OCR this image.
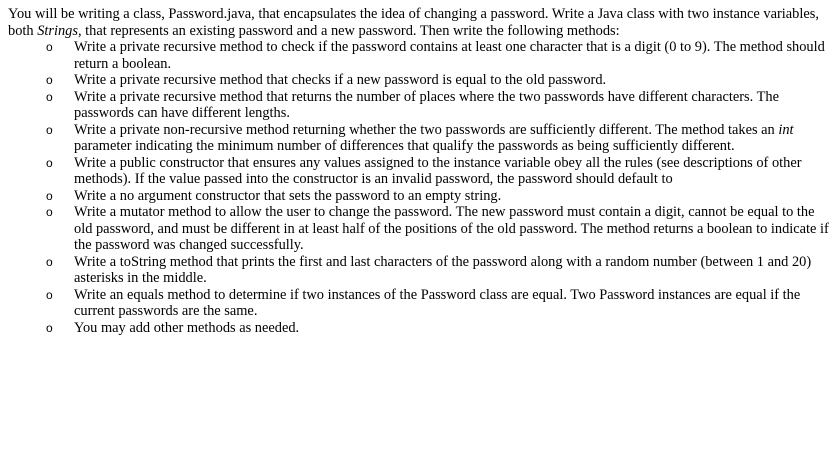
You will be writing a class, Password.java, that encapsulates the idea of changing a password. Write a Java class with two instance variables, both Strings, that represents an existing password and a new password. Then write the following methods:

o Write a private recursive method to check if the password contains at least one character that is a digit (0 to 9). The method should return a boolean.
o Write a private recursive method that checks if a new password is equal to the old password.
o Write a private recursive method that returns the number of places where the two passwords have different characters. The passwords can have different lengths.
o Write a private non-recursive method returning whether the two passwords are sufficiently different. The method takes an int parameter indicating the minimum number of differences that qualify the passwords as being sufficiently different.
o Write a public constructor that ensures any values assigned to the instance variable obey all the rules (see descriptions of other methods). If the value passed into the constructor is an invalid password, the password should default to
o Write a no argument constructor that sets the password to an empty string.
o Write a mutator method to allow the user to change the password. The new password must contain a digit, cannot be equal to the old password, and must be different in at least half of the positions of the old password. The method returns a boolean to indicate if the password was changed successfully.
o Write a toString method that prints the first and last characters of the password along with a random number (between 1 and 20) asterisks in the middle.
o Write an equals method to determine if two instances of the Password class are equal. Two Password instances are equal if the current passwords are the same.
o You may add other methods as needed.
